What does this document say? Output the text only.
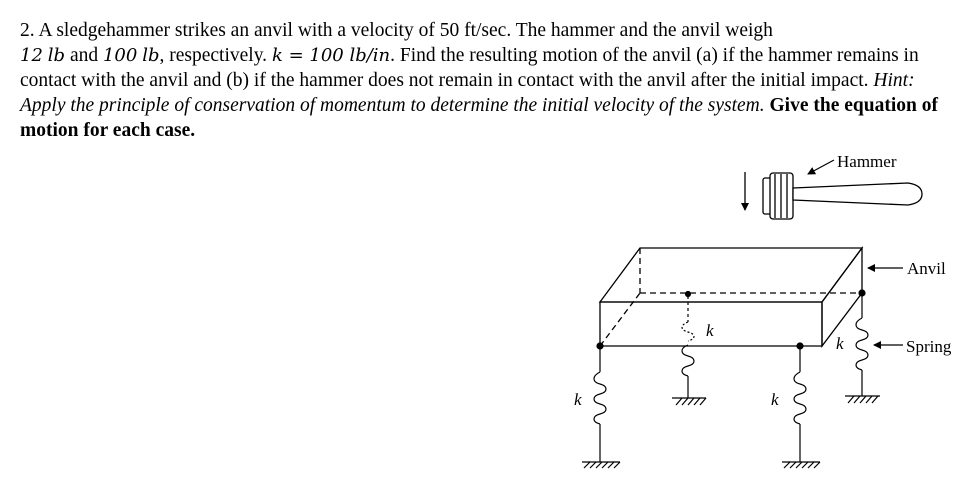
2. A sledgehammer strikes an anvil with a velocity of 50 ft/sec. The hammer and the anvil weigh
12 lb and 100 lb, respectively. k = 100 lb/in. Find the resulting motion of the anvil (a) if the hammer remains in contact with the anvil and (b) if the hammer does not remain in contact with the anvil after the initial impact. Hint: Apply the principle of conservation of momentum to determine the initial velocity of the system. Give the equation of motion for each case.
Hammer
Anvil
Spring
k
k
k
k
